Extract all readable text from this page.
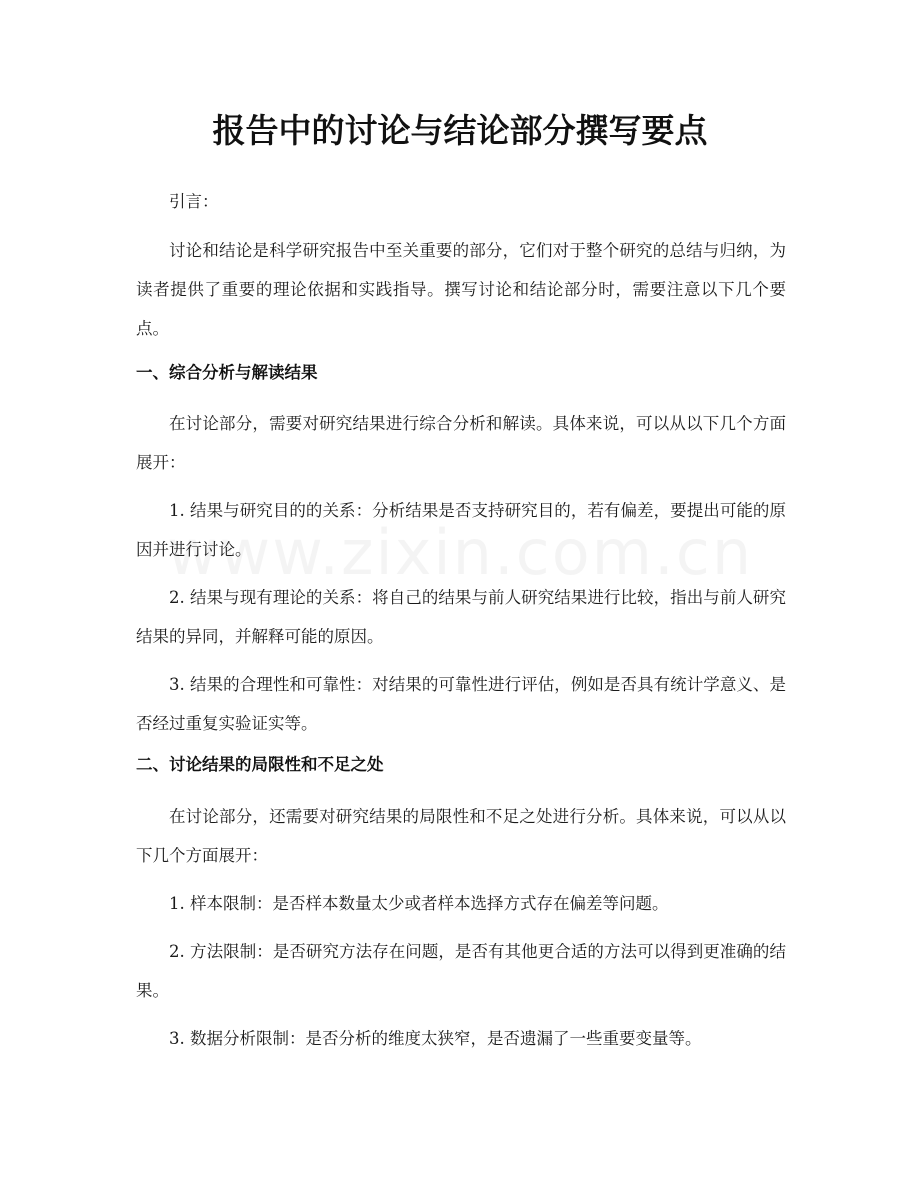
报告中的讨论与结论部分撰写要点

引言：

讨论和结论是科学研究报告中至关重要的部分，它们对于整个研究的总结与归纳，为读者提供了重要的理论依据和实践指导。撰写讨论和结论部分时，需要注意以下几个要点。

一、综合分析与解读结果

在讨论部分，需要对研究结果进行综合分析和解读。具体来说，可以从以下几个方面展开：

1. 结果与研究目的的关系：分析结果是否支持研究目的，若有偏差，要提出可能的原因并进行讨论。

2. 结果与现有理论的关系：将自己的结果与前人研究结果进行比较，指出与前人研究结果的异同，并解释可能的原因。

3. 结果的合理性和可靠性：对结果的可靠性进行评估，例如是否具有统计学意义、是否经过重复实验证实等。

二、讨论结果的局限性和不足之处

在讨论部分，还需要对研究结果的局限性和不足之处进行分析。具体来说，可以从以下几个方面展开：

1. 样本限制：是否样本数量太少或者样本选择方式存在偏差等问题。

2. 方法限制：是否研究方法存在问题，是否有其他更合适的方法可以得到更准确的结果。

3. 数据分析限制：是否分析的维度太狭窄，是否遗漏了一些重要变量等。
